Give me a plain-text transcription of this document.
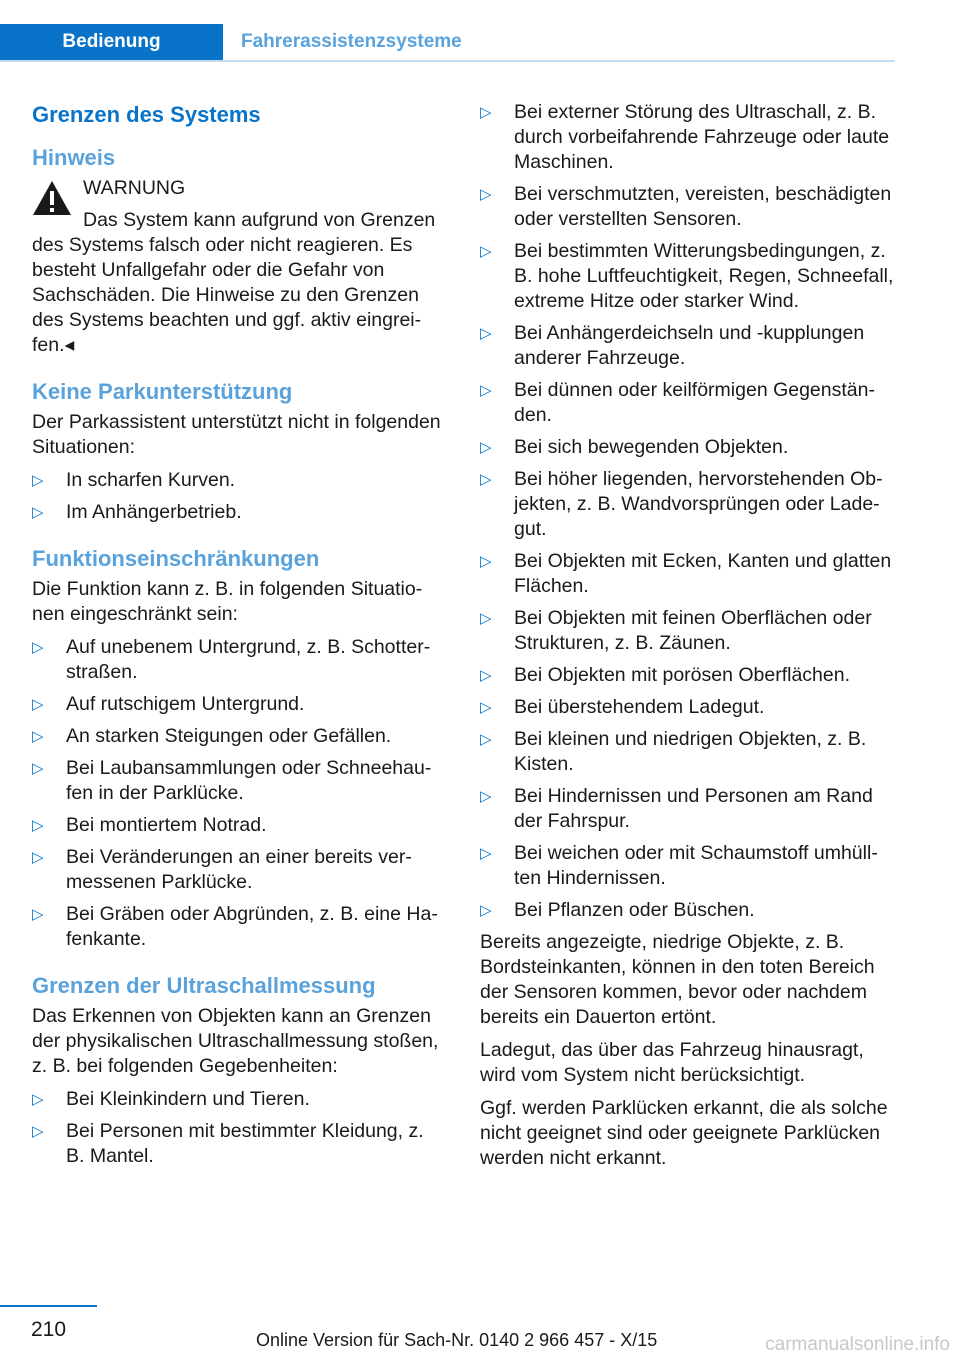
Bedienung	Fahrerassistenzsysteme
Grenzen des Systems
Hinweis
WARNUNG

Das System kann aufgrund von Grenzen des Systems falsch oder nicht reagieren. Es besteht Unfallgefahr oder die Gefahr von Sachschäden. Die Hinweise zu den Grenzen des Systems beachten und ggf. aktiv eingreifen.◂

Keine Parkunterstützung

Der Parkassistent unterstützt nicht in folgenden Situationen:

▷ In scharfen Kurven.
▷ Im Anhängerbetrieb.
Funktionseinschränkungen

Die Funktion kann z. B. in folgenden Situationen eingeschränkt sein:

▷ Auf unebenem Untergrund, z. B. Schotterstraßen.
▷ Auf rutschigem Untergrund.
▷ An starken Steigungen oder Gefällen.
▷ Bei Laubansammlungen oder Schneehaufen in der Parklücke.
▷ Bei montiertem Notrad.
▷ Bei Veränderungen an einer bereits vermessenen Parklücke.
▷ Bei Gräben oder Abgründen, z. B. eine Hafenkante.
Grenzen der Ultraschallmessung

Das Erkennen von Objekten kann an Grenzen der physikalischen Ultraschallmessung stoßen, z. B. bei folgenden Gegebenheiten:

▷ Bei Kleinkindern und Tieren.
▷ Bei Personen mit bestimmter Kleidung, z. B. Mantel.
▷ Bei externer Störung des Ultraschall, z. B. durch vorbeifahrende Fahrzeuge oder laute Maschinen.
▷ Bei verschmutzten, vereisten, beschädigten oder verstellten Sensoren.
▷ Bei bestimmten Witterungsbedingungen, z. B. hohe Luftfeuchtigkeit, Regen, Schneefall, extreme Hitze oder starker Wind.
▷ Bei Anhängerdeichseln und -kupplungen anderer Fahrzeuge.
▷ Bei dünnen oder keilförmigen Gegenständen.
▷ Bei sich bewegenden Objekten.
▷ Bei höher liegenden, hervorstehenden Objekten, z. B. Wandvorsprüngen oder Ladegut.
▷ Bei Objekten mit Ecken, Kanten und glatten Flächen.
▷ Bei Objekten mit feinen Oberflächen oder Strukturen, z. B. Zäunen.
▷ Bei Objekten mit porösen Oberflächen.
▷ Bei überstehendem Ladegut.
▷ Bei kleinen und niedrigen Objekten, z. B. Kisten.
▷ Bei Hindernissen und Personen am Rand der Fahrspur.
▷ Bei weichen oder mit Schaumstoff umhüllten Hindernissen.
▷ Bei Pflanzen oder Büschen.

Bereits angezeigte, niedrige Objekte, z. B. Bordsteinkanten, können in den toten Bereich der Sensoren kommen, bevor oder nachdem bereits ein Dauerton ertönt.

Ladegut, das über das Fahrzeug hinausragt, wird vom System nicht berücksichtigt.

Ggf. werden Parklücken erkannt, die als solche nicht geeignet sind oder geeignete Parklücken werden nicht erkannt.

210	Online Version für Sach-Nr. 0140 2 966 457 - X/15	carmanualsonline.info
